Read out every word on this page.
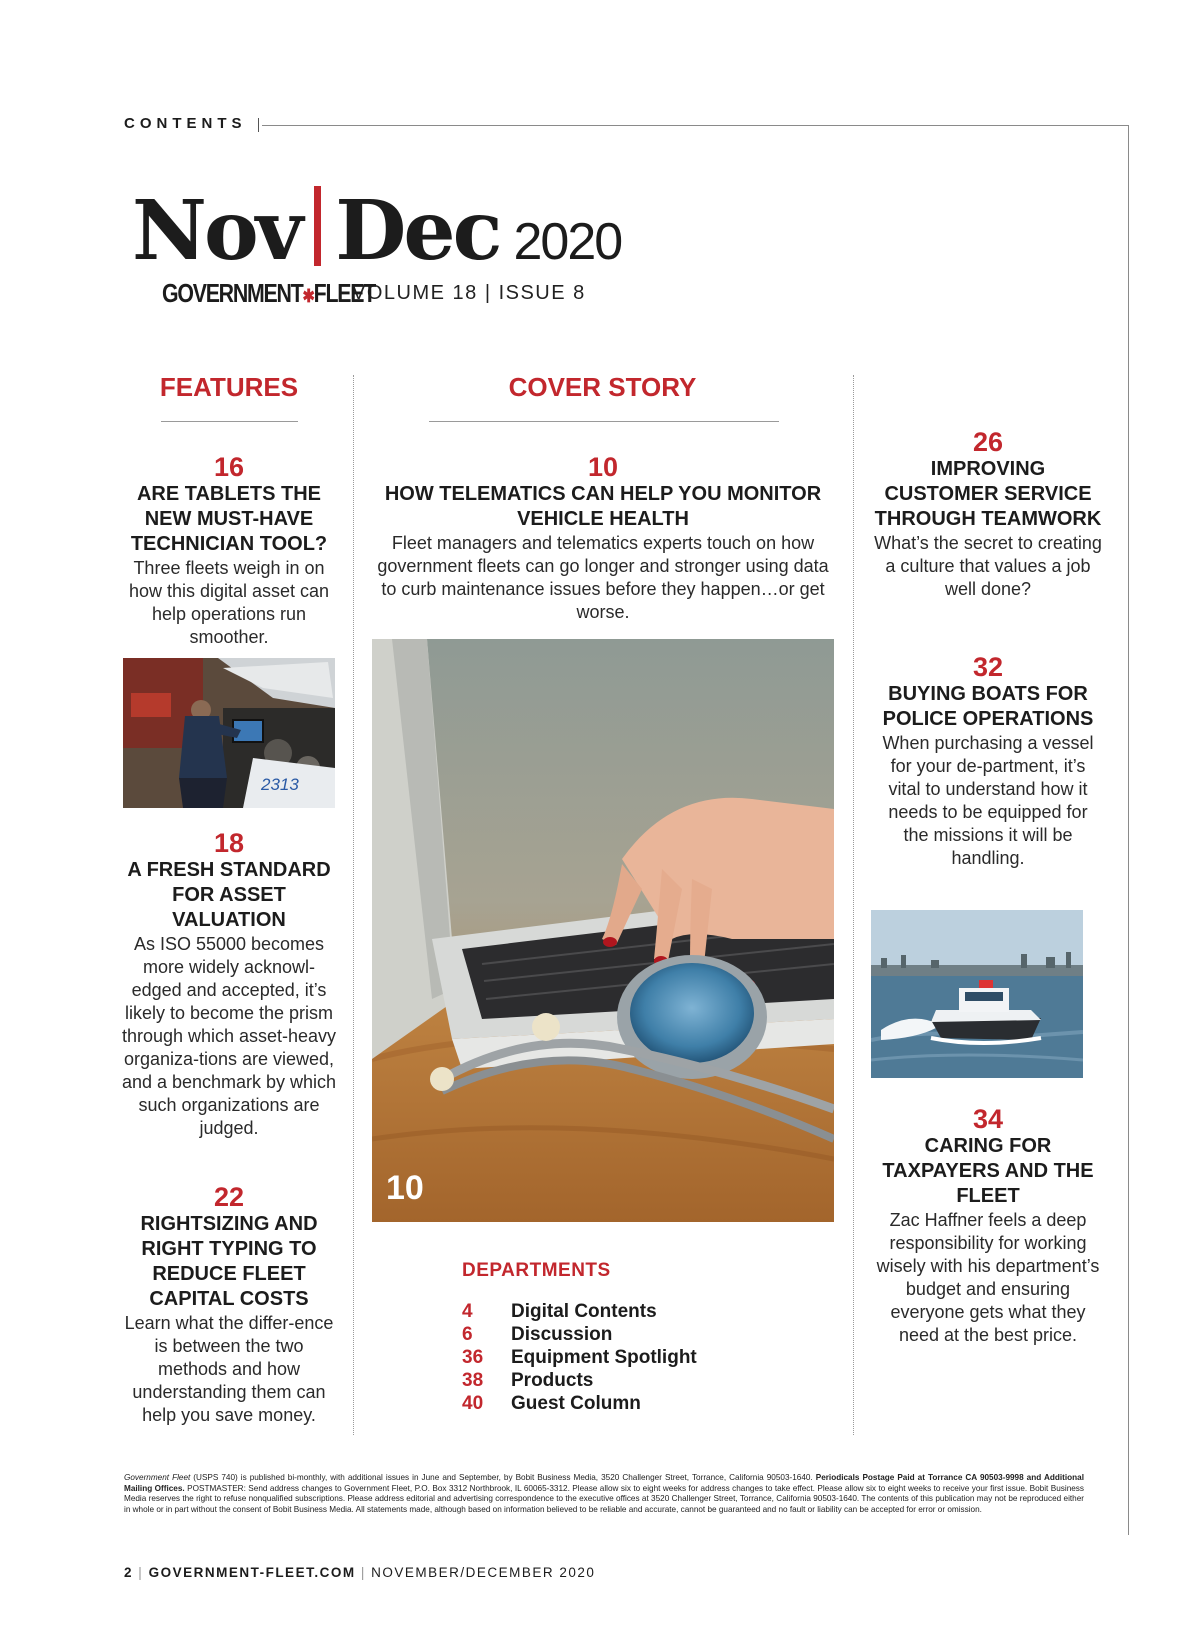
CONTENTS
Nov Dec 2020
GOVERNMENT✱FLEET
VOLUME 18 | ISSUE 8
FEATURES	COVER STORY
16
ARE TABLETS THE NEW MUST-HAVE TECHNICIAN TOOL?
Three fleets weigh in on how this digital asset can help operations run smoother.
2313
18
A FRESH STANDARD FOR ASSET VALUATION
As ISO 55000 becomes more widely acknowl-edged and accepted, it’s likely to become the prism through which asset-heavy organiza-tions are viewed, and a benchmark by which such organizations are judged.
22
RIGHTSIZING AND RIGHT TYPING TO REDUCE FLEET CAPITAL COSTS
Learn what the differ-ence is between the two methods and how understanding them can help you save money.
10
HOW TELEMATICS CAN HELP YOU MONITOR VEHICLE HEALTH
Fleet managers and telematics experts touch on how government fleets can go longer and stronger using data to curb maintenance issues before they happen…or get worse.
10
DEPARTMENTS
4	Digital Contents
6	Discussion
36	Equipment Spotlight
38	Products
40	Guest Column
26
IMPROVING CUSTOMER SERVICE THROUGH TEAMWORK
What’s the secret to creating a culture that values a job well done?
32
BUYING BOATS FOR POLICE OPERATIONS
When purchasing a vessel for your de-partment, it’s vital to understand how it needs to be equipped for the missions it will be handling.
34
CARING FOR TAXPAYERS AND THE FLEET
Zac Haffner feels a deep responsibility for working wisely with his department’s budget and ensuring everyone gets what they need at the best price.
Government Fleet (USPS 740) is published bi-monthly, with additional issues in June and September, by Bobit Business Media, 3520 Challenger Street, Torrance, California 90503-1640. Periodicals Postage Paid at Torrance CA 90503-9998 and Additional Mailing Offices. POSTMASTER: Send address changes to Government Fleet, P.O. Box 3312 Northbrook, IL 60065-3312. Please allow six to eight weeks for address changes to take effect. Please allow six to eight weeks to receive your first issue. Bobit Business Media reserves the right to refuse nonqualified subscriptions. Please address editorial and advertising correspondence to the executive offices at 3520 Challenger Street, Torrance, California 90503-1640. The contents of this publication may not be reproduced either in whole or in part without the consent of Bobit Business Media. All statements made, although based on information believed to be reliable and accurate, cannot be guaranteed and no fault or liability can be accepted for error or omission.
2 | GOVERNMENT-FLEET.COM | NOVEMBER/DECEMBER 2020
